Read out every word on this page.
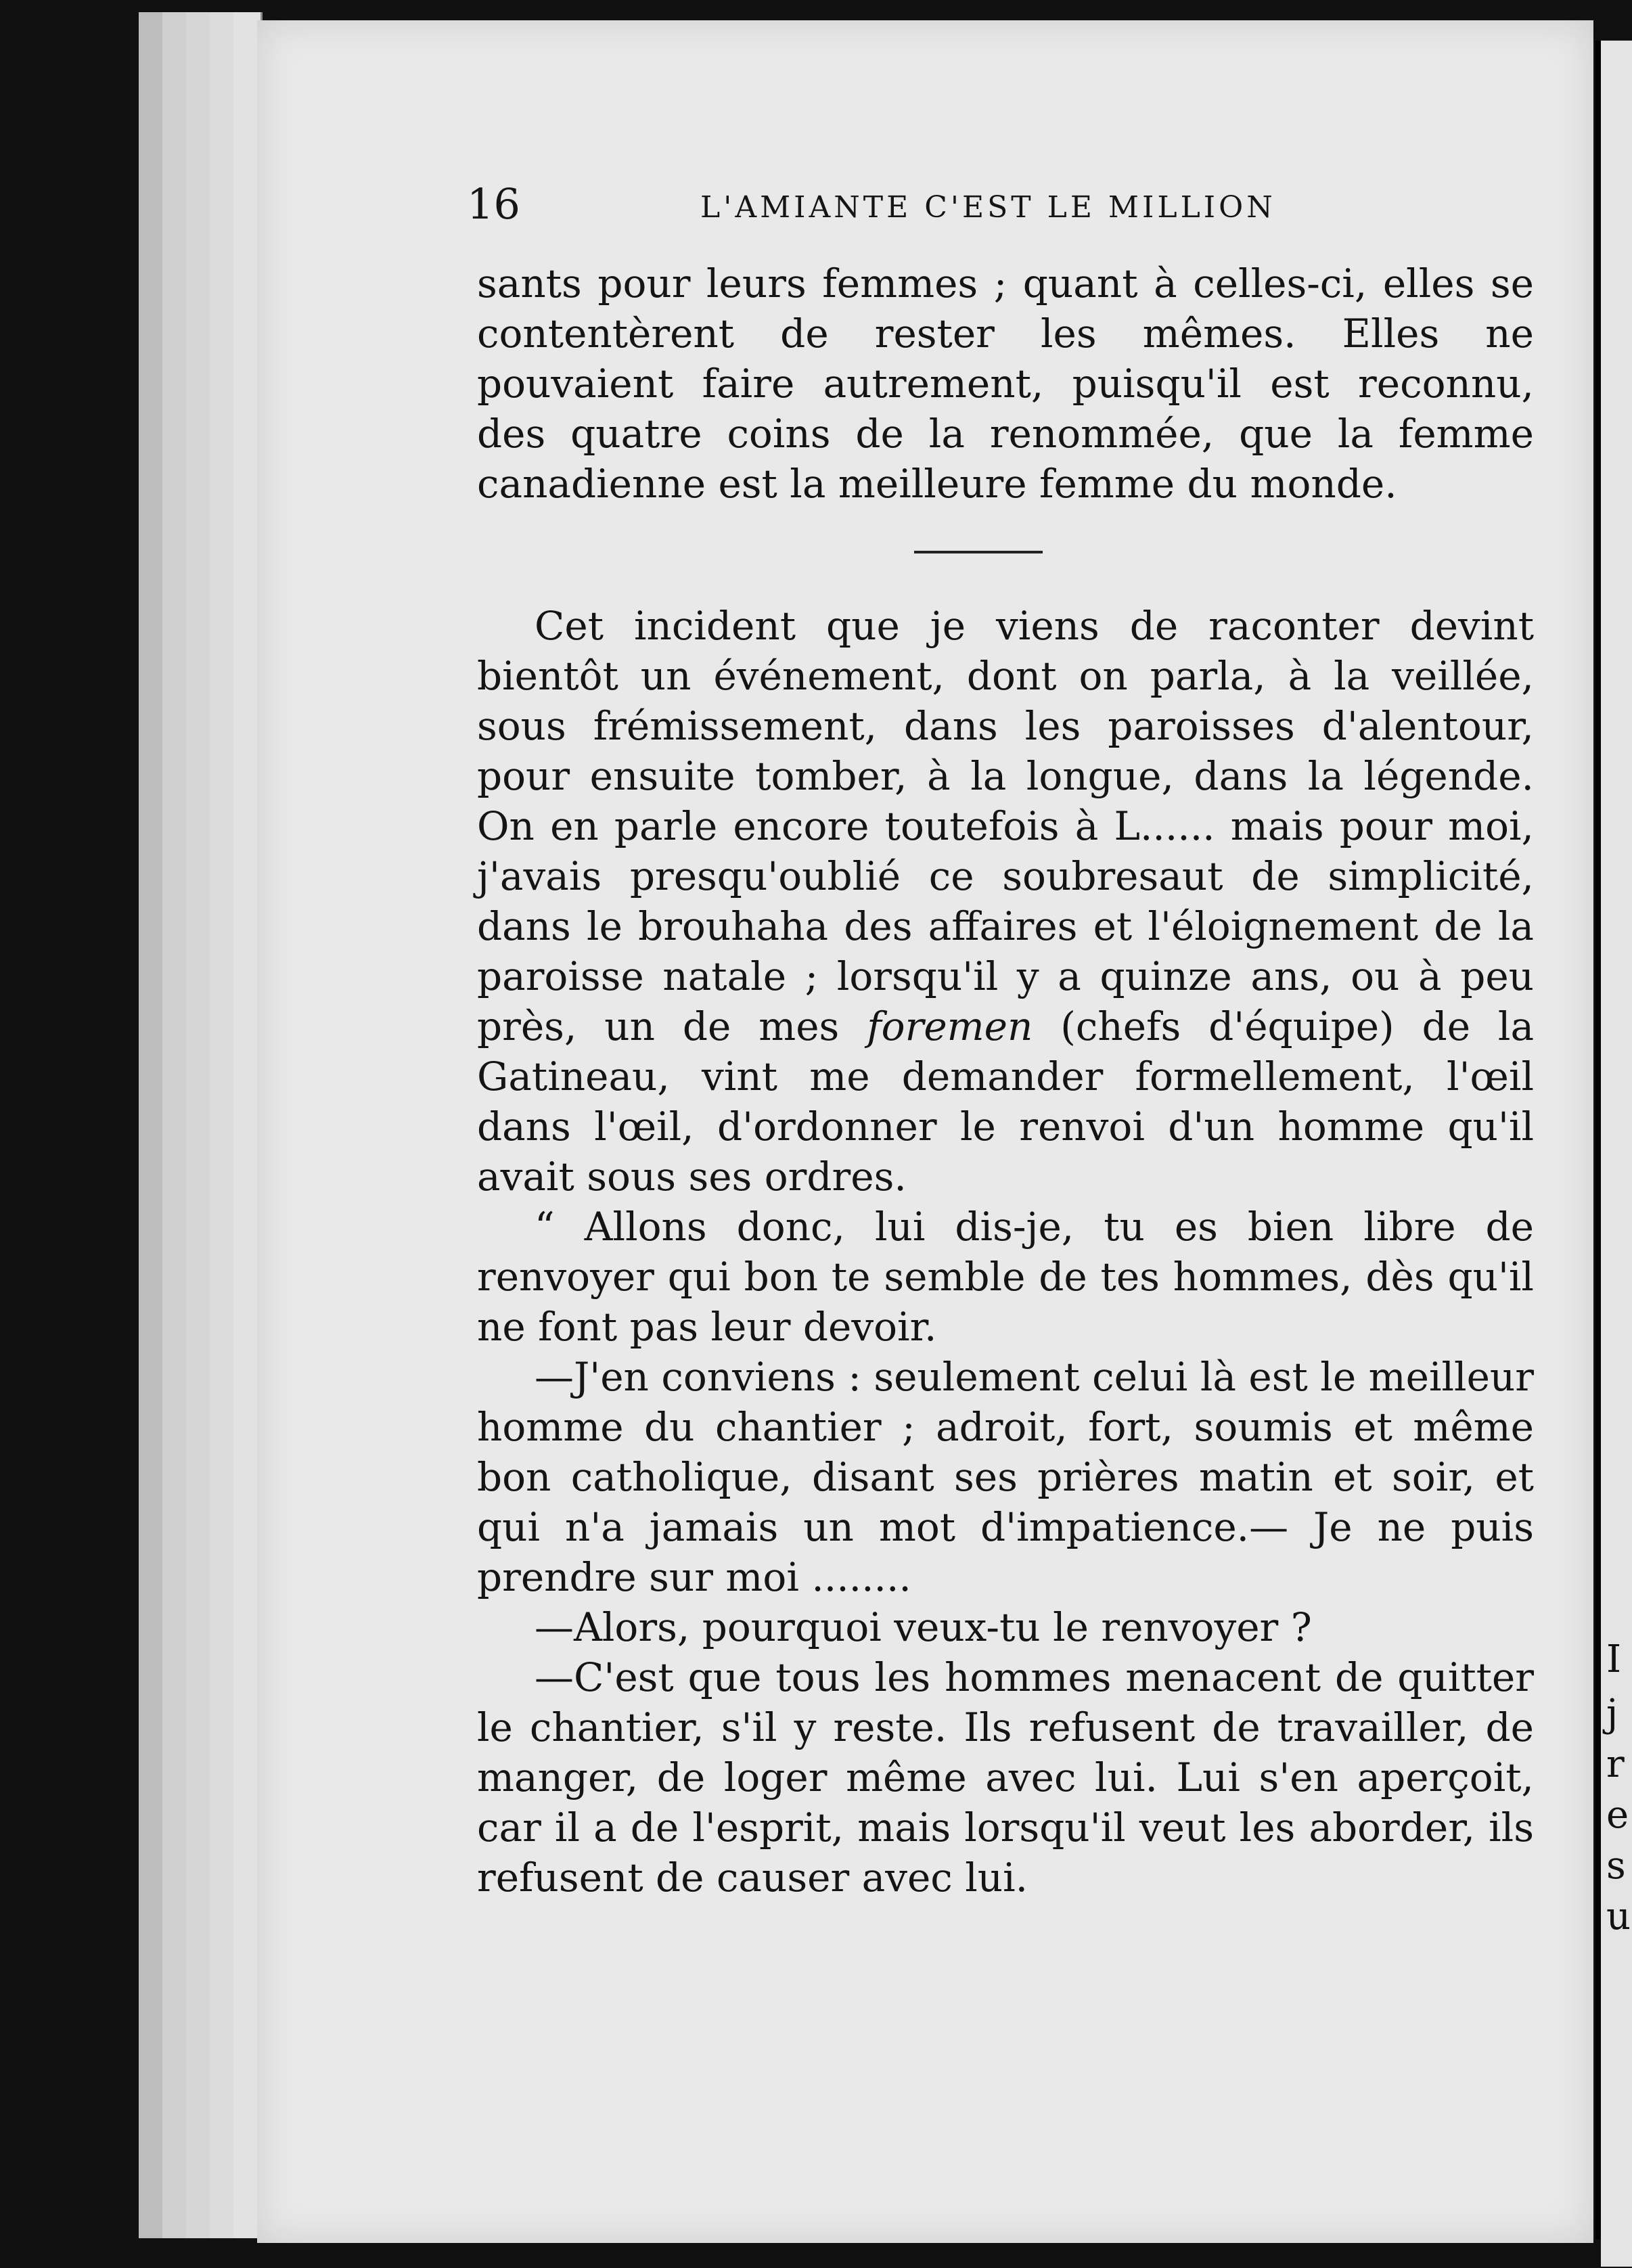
16	L'AMIANTE C'EST LE MILLION

sants pour leurs femmes ; quant à celles-ci, elles se contentèrent de rester les mêmes. Elles ne pouvaient faire autrement, puisqu'il est reconnu, des quatre coins de la renommée, que la femme canadienne est la meilleure femme du monde.

Cet incident que je viens de raconter devint bientôt un événement, dont on parla, à la veillée, sous frémissement, dans les paroisses d'alentour, pour ensuite tomber, à la longue, dans la légende. On en parle encore toutefois à L...... mais pour moi, j'avais presqu'oublié ce soubresaut de simplicité, dans le brouhaha des affaires et l'éloignement de la paroisse natale ; lorsqu'il y a quinze ans, ou à peu près, un de mes foremen (chefs d'équipe) de la Gatineau, vint me demander formellement, l'œil dans l'œil, d'ordonner le renvoi d'un homme qu'il avait sous ses ordres.

“ Allons donc, lui dis-je, tu es bien libre de renvoyer qui bon te semble de tes hommes, dès qu'il ne font pas leur devoir.

—J'en conviens : seulement celui là est le meilleur homme du chantier ; adroit, fort, soumis et même bon catholique, disant ses prières matin et soir, et qui n'a jamais un mot d'impatience.— Je ne puis prendre sur moi ........

—Alors, pourquoi veux-tu le renvoyer ?

—C'est que tous les hommes menacent de quitter le chantier, s'il y reste. Ils refusent de travailler, de manger, de loger même avec lui. Lui s'en aperçoit, car il a de l'esprit, mais lorsqu'il veut les aborder, ils refusent de causer avec lui.

I
j
r
e
s
u
